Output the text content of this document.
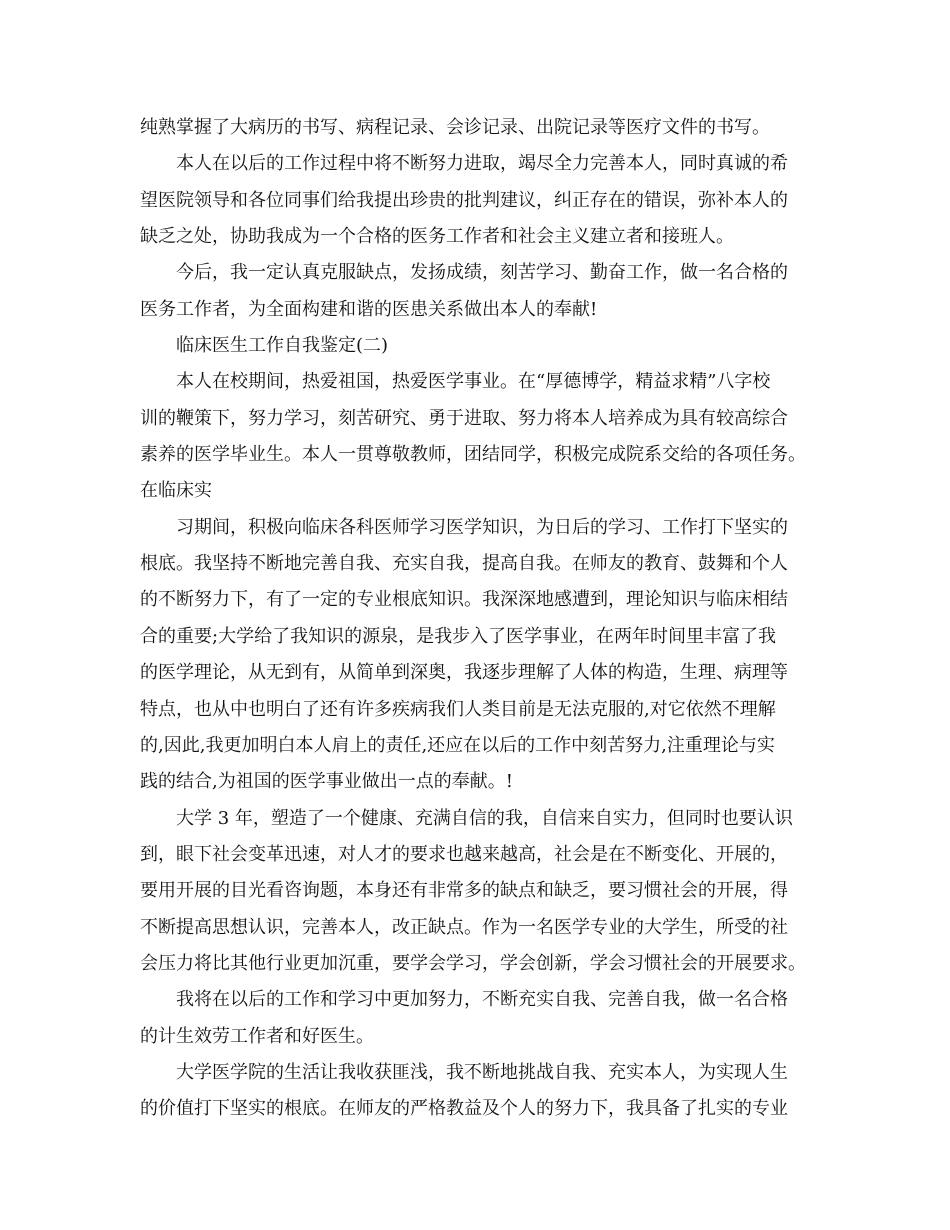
纯熟掌握了大病历的书写、病程记录、会诊记录、出院记录等医疗文件的书写。
本人在以后的工作过程中将不断努力进取，竭尽全力完善本人，同时真诚的希
望医院领导和各位同事们给我提出珍贵的批判建议，纠正存在的错误，弥补本人的
缺乏之处，协助我成为一个合格的医务工作者和社会主义建立者和接班人。
今后，我一定认真克服缺点，发扬成绩，刻苦学习、勤奋工作，做一名合格的
医务工作者，为全面构建和谐的医患关系做出本人的奉献!
临床医生工作自我鉴定(二)
本人在校期间，热爱祖国，热爱医学事业。在“厚德博学，精益求精”八字校
训的鞭策下，努力学习，刻苦研究、勇于进取、努力将本人培养成为具有较高综合
素养的医学毕业生。本人一贯尊敬教师，团结同学，积极完成院系交给的各项任务。
在临床实
习期间，积极向临床各科医师学习医学知识，为日后的学习、工作打下坚实的
根底。我坚持不断地完善自我、充实自我，提高自我。在师友的教育、鼓舞和个人
的不断努力下，有了一定的专业根底知识。我深深地感遭到，理论知识与临床相结
合的重要;大学给了我知识的源泉，是我步入了医学事业，在两年时间里丰富了我
的医学理论，从无到有，从简单到深奥，我逐步理解了人体的构造，生理、病理等
特点，也从中也明白了还有许多疾病我们人类目前是无法克服的,对它依然不理解
的,因此,我更加明白本人肩上的责任,还应在以后的工作中刻苦努力,注重理论与实
践的结合,为祖国的医学事业做出一点的奉献。!
大学 3 年，塑造了一个健康、充满自信的我，自信来自实力，但同时也要认识
到，眼下社会变革迅速，对人才的要求也越来越高，社会是在不断变化、开展的，
要用开展的目光看咨询题，本身还有非常多的缺点和缺乏，要习惯社会的开展，得
不断提高思想认识，完善本人，改正缺点。作为一名医学专业的大学生，所受的社
会压力将比其他行业更加沉重，要学会学习，学会创新，学会习惯社会的开展要求。
我将在以后的工作和学习中更加努力，不断充实自我、完善自我，做一名合格
的计生效劳工作者和好医生。
大学医学院的生活让我收获匪浅，我不断地挑战自我、充实本人，为实现人生
的价值打下坚实的根底。在师友的严格教益及个人的努力下，我具备了扎实的专业
